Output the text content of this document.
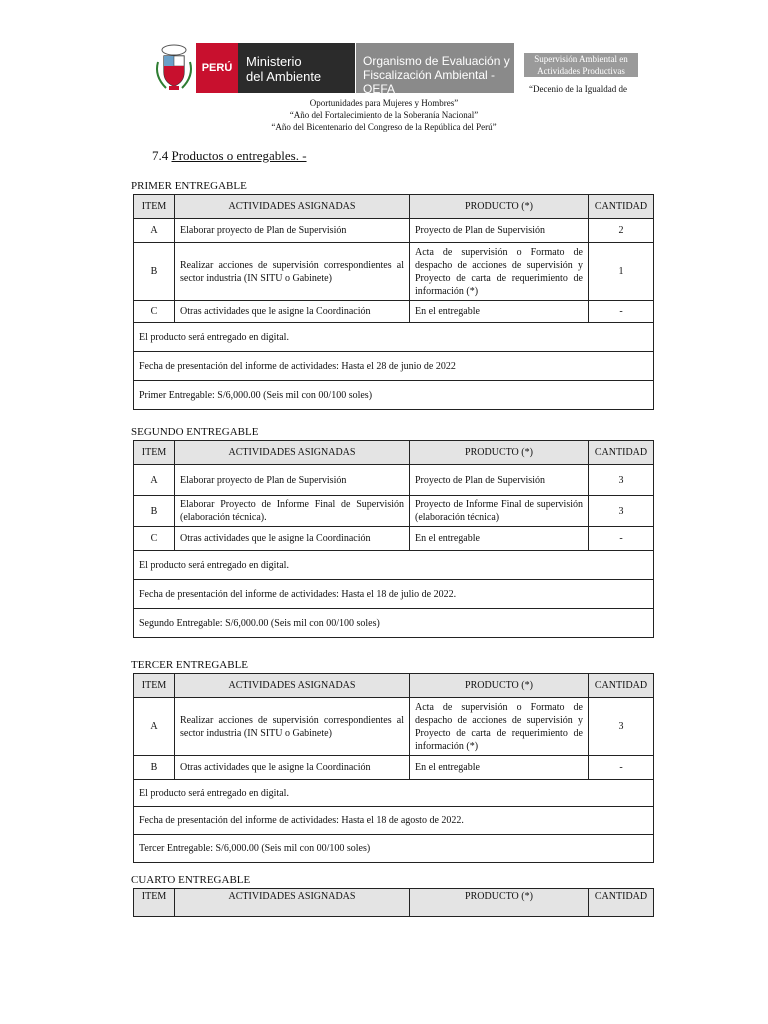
PERÚ	Ministerio
del Ambiente
Organismo de Evaluación y
Fiscalización Ambiental - OEFA
Supervisión Ambiental en
Actividades Productivas
“Decenio de la Igualdad de
Oportunidades para Mujeres y Hombres”
“Año del Fortalecimiento de la Soberanía Nacional”
“Año del Bicentenario del Congreso de la República del Perú”
7.4 Productos o entregables. -
PRIMER ENTREGABLE
ITEM	ACTIVIDADES ASIGNADAS	PRODUCTO (*)	CANTIDAD
A	Elaborar proyecto de Plan de Supervisión	Proyecto de Plan de Supervisión	2
B	Realizar acciones de supervisión correspondientes al sector industria (IN SITU o Gabinete)	Acta de supervisión o Formato de despacho de acciones de supervisión y Proyecto de carta de requerimiento de información (*)	1
C	Otras actividades que le asigne la Coordinación	En el entregable	-
El producto será entregado en digital.			
Fecha de presentación del informe de actividades: Hasta el 28 de junio de 2022			
Primer Entregable: S/6,000.00 (Seis mil con 00/100 soles)			
SEGUNDO ENTREGABLE
ITEM	ACTIVIDADES ASIGNADAS	PRODUCTO (*)	CANTIDAD
A	Elaborar proyecto de Plan de Supervisión	Proyecto de Plan de Supervisión	3
B	Elaborar Proyecto de Informe Final de Supervisión (elaboración técnica).	Proyecto de Informe Final de supervisión (elaboración técnica)	3
C	Otras actividades que le asigne la Coordinación	En el entregable	-
El producto será entregado en digital.			
Fecha de presentación del informe de actividades: Hasta el 18 de julio de 2022.			
Segundo Entregable: S/6,000.00 (Seis mil con 00/100 soles)			
TERCER ENTREGABLE
ITEM	ACTIVIDADES ASIGNADAS	PRODUCTO (*)	CANTIDAD
A	Realizar acciones de supervisión correspondientes al sector industria (IN SITU o Gabinete)	Acta de supervisión o Formato de despacho de acciones de supervisión y Proyecto de carta de requerimiento de información (*)	3
B	Otras actividades que le asigne la Coordinación	En el entregable	-
El producto será entregado en digital.			
Fecha de presentación del informe de actividades: Hasta el 18 de agosto de 2022.			
Tercer Entregable: S/6,000.00 (Seis mil con 00/100 soles)			
CUARTO ENTREGABLE
ITEM	ACTIVIDADES ASIGNADAS	PRODUCTO (*)	CANTIDAD
